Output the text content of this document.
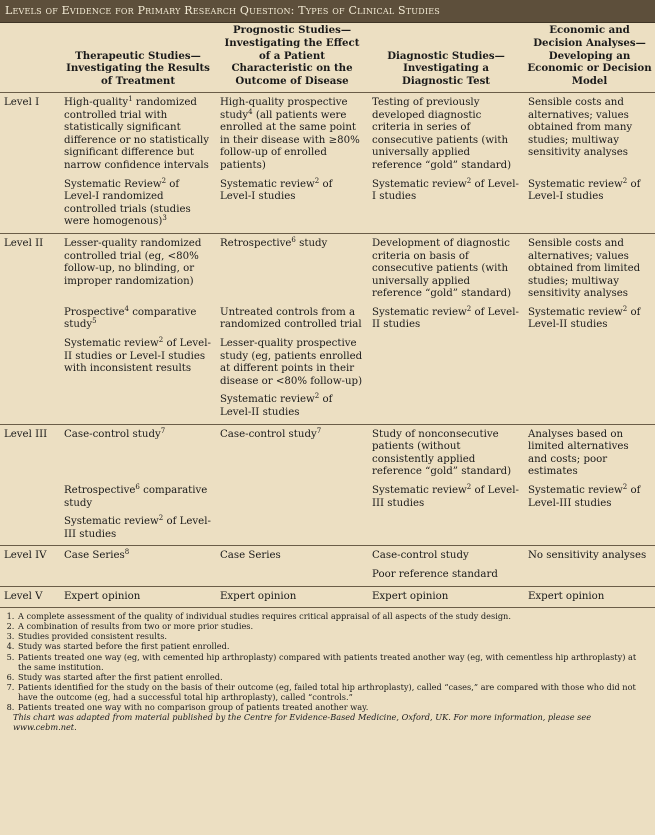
Levels of Evidence for Primary Research Question: Types of Clinical Studies
	Therapeutic Studies— Investigating the Results of Treatment	Prognostic Studies— Investigating the Effect of a Patient Characteristic on the Outcome of Disease	Diagnostic Studies— Investigating a Diagnostic Test	Economic and Decision Analyses— Developing an Economic or Decision Model
Level I	High-quality$^1$ randomized controlled trial with statistically significant difference or no statistically significant difference but narrow confidence intervals	High-quality prospective study$^4$ (all patients were enrolled at the same point in their disease with ≥80% follow-up of enrolled patients)	Testing of previously developed diagnostic criteria in series of consecutive patients (with universally applied reference “gold” standard)	Sensible costs and alternatives; values obtained from many studies; multiway sensitivity analyses
	Systematic Review$^2$ of Level-I randomized controlled trials (studies were homogenous)$^3$	Systematic review$^2$ of Level-I studies	Systematic review$^2$ of Level-I studies	Systematic review$^2$ of Level-I studies
Level II	Lesser-quality randomized controlled trial (eg, <80% follow-up, no blinding, or improper randomization)	Retrospective$^6$ study	Development of diagnostic criteria on basis of consecutive patients (with universally applied reference “gold” standard)	Sensible costs and alternatives; values obtained from limited studies; multiway sensitivity analyses
	Prospective$^4$ comparative study$^5$	Untreated controls from a randomized controlled trial	Systematic review$^2$ of Level-II studies	Systematic review$^2$ of Level-II studies
	Systematic review$^2$ of Level-II studies or Level-I studies with inconsistent results	Lesser-quality prospective study (eg, patients enrolled at different points in their disease or <80% follow-up)		
		Systematic review$^2$ of Level-II studies		
Level III	Case-control study$^7$	Case-control study$^7$	Study of nonconsecutive patients (without consistently applied reference “gold” standard)	Analyses based on limited alternatives and costs; poor estimates
	Retrospective$^6$ comparative study		Systematic review$^2$ of Level-III studies	Systematic review$^2$ of Level-III studies
	Systematic review$^2$ of Level-III studies			
Level IV	Case Series$^8$	Case Series	Case-control study	No sensitivity analyses
			Poor reference standard	
Level V	Expert opinion	Expert opinion	Expert opinion	Expert opinion
1. A complete assessment of the quality of individual studies requires critical appraisal of all aspects of the study design.
2. A combination of results from two or more prior studies.
3. Studies provided consistent results.
4. Study was started before the first patient enrolled.
5. Patients treated one way (eg, with cemented hip arthroplasty) compared with patients treated another way (eg, with cementless hip arthroplasty) at the same institution.
6. Study was started after the first patient enrolled.
7. Patients identified for the study on the basis of their outcome (eg, failed total hip arthroplasty), called “cases,” are compared with those who did not have the outcome (eg, had a successful total hip arthroplasty), called “controls.”
8. Patients treated one way with no comparison group of patients treated another way.
This chart was adapted from material published by the Centre for Evidence-Based Medicine, Oxford, UK. For more information, please see www.cebm.net.
